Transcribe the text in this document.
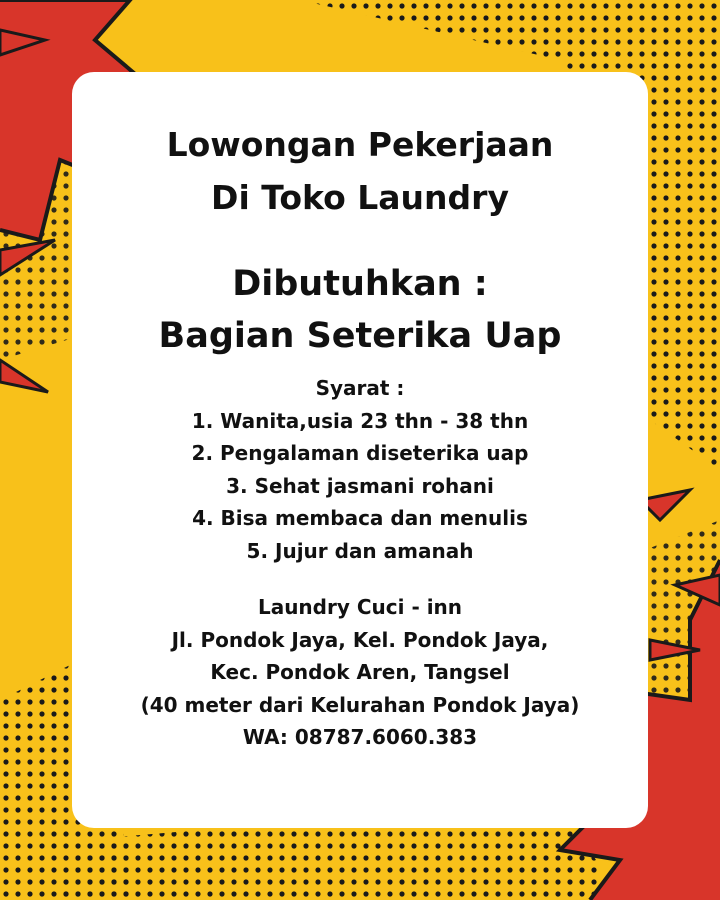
Lowongan Pekerjaan
Di Toko Laundry
Dibutuhkan :
Bagian Seterika Uap
Syarat :
1. Wanita,usia 23 thn - 38 thn
2. Pengalaman diseterika uap
3. Sehat jasmani rohani
4. Bisa membaca dan menulis
5. Jujur dan amanah
Laundry Cuci - inn
Jl. Pondok Jaya, Kel. Pondok Jaya,
Kec. Pondok Aren, Tangsel
(40 meter dari Kelurahan Pondok Jaya)
WA: 08787.6060.383
